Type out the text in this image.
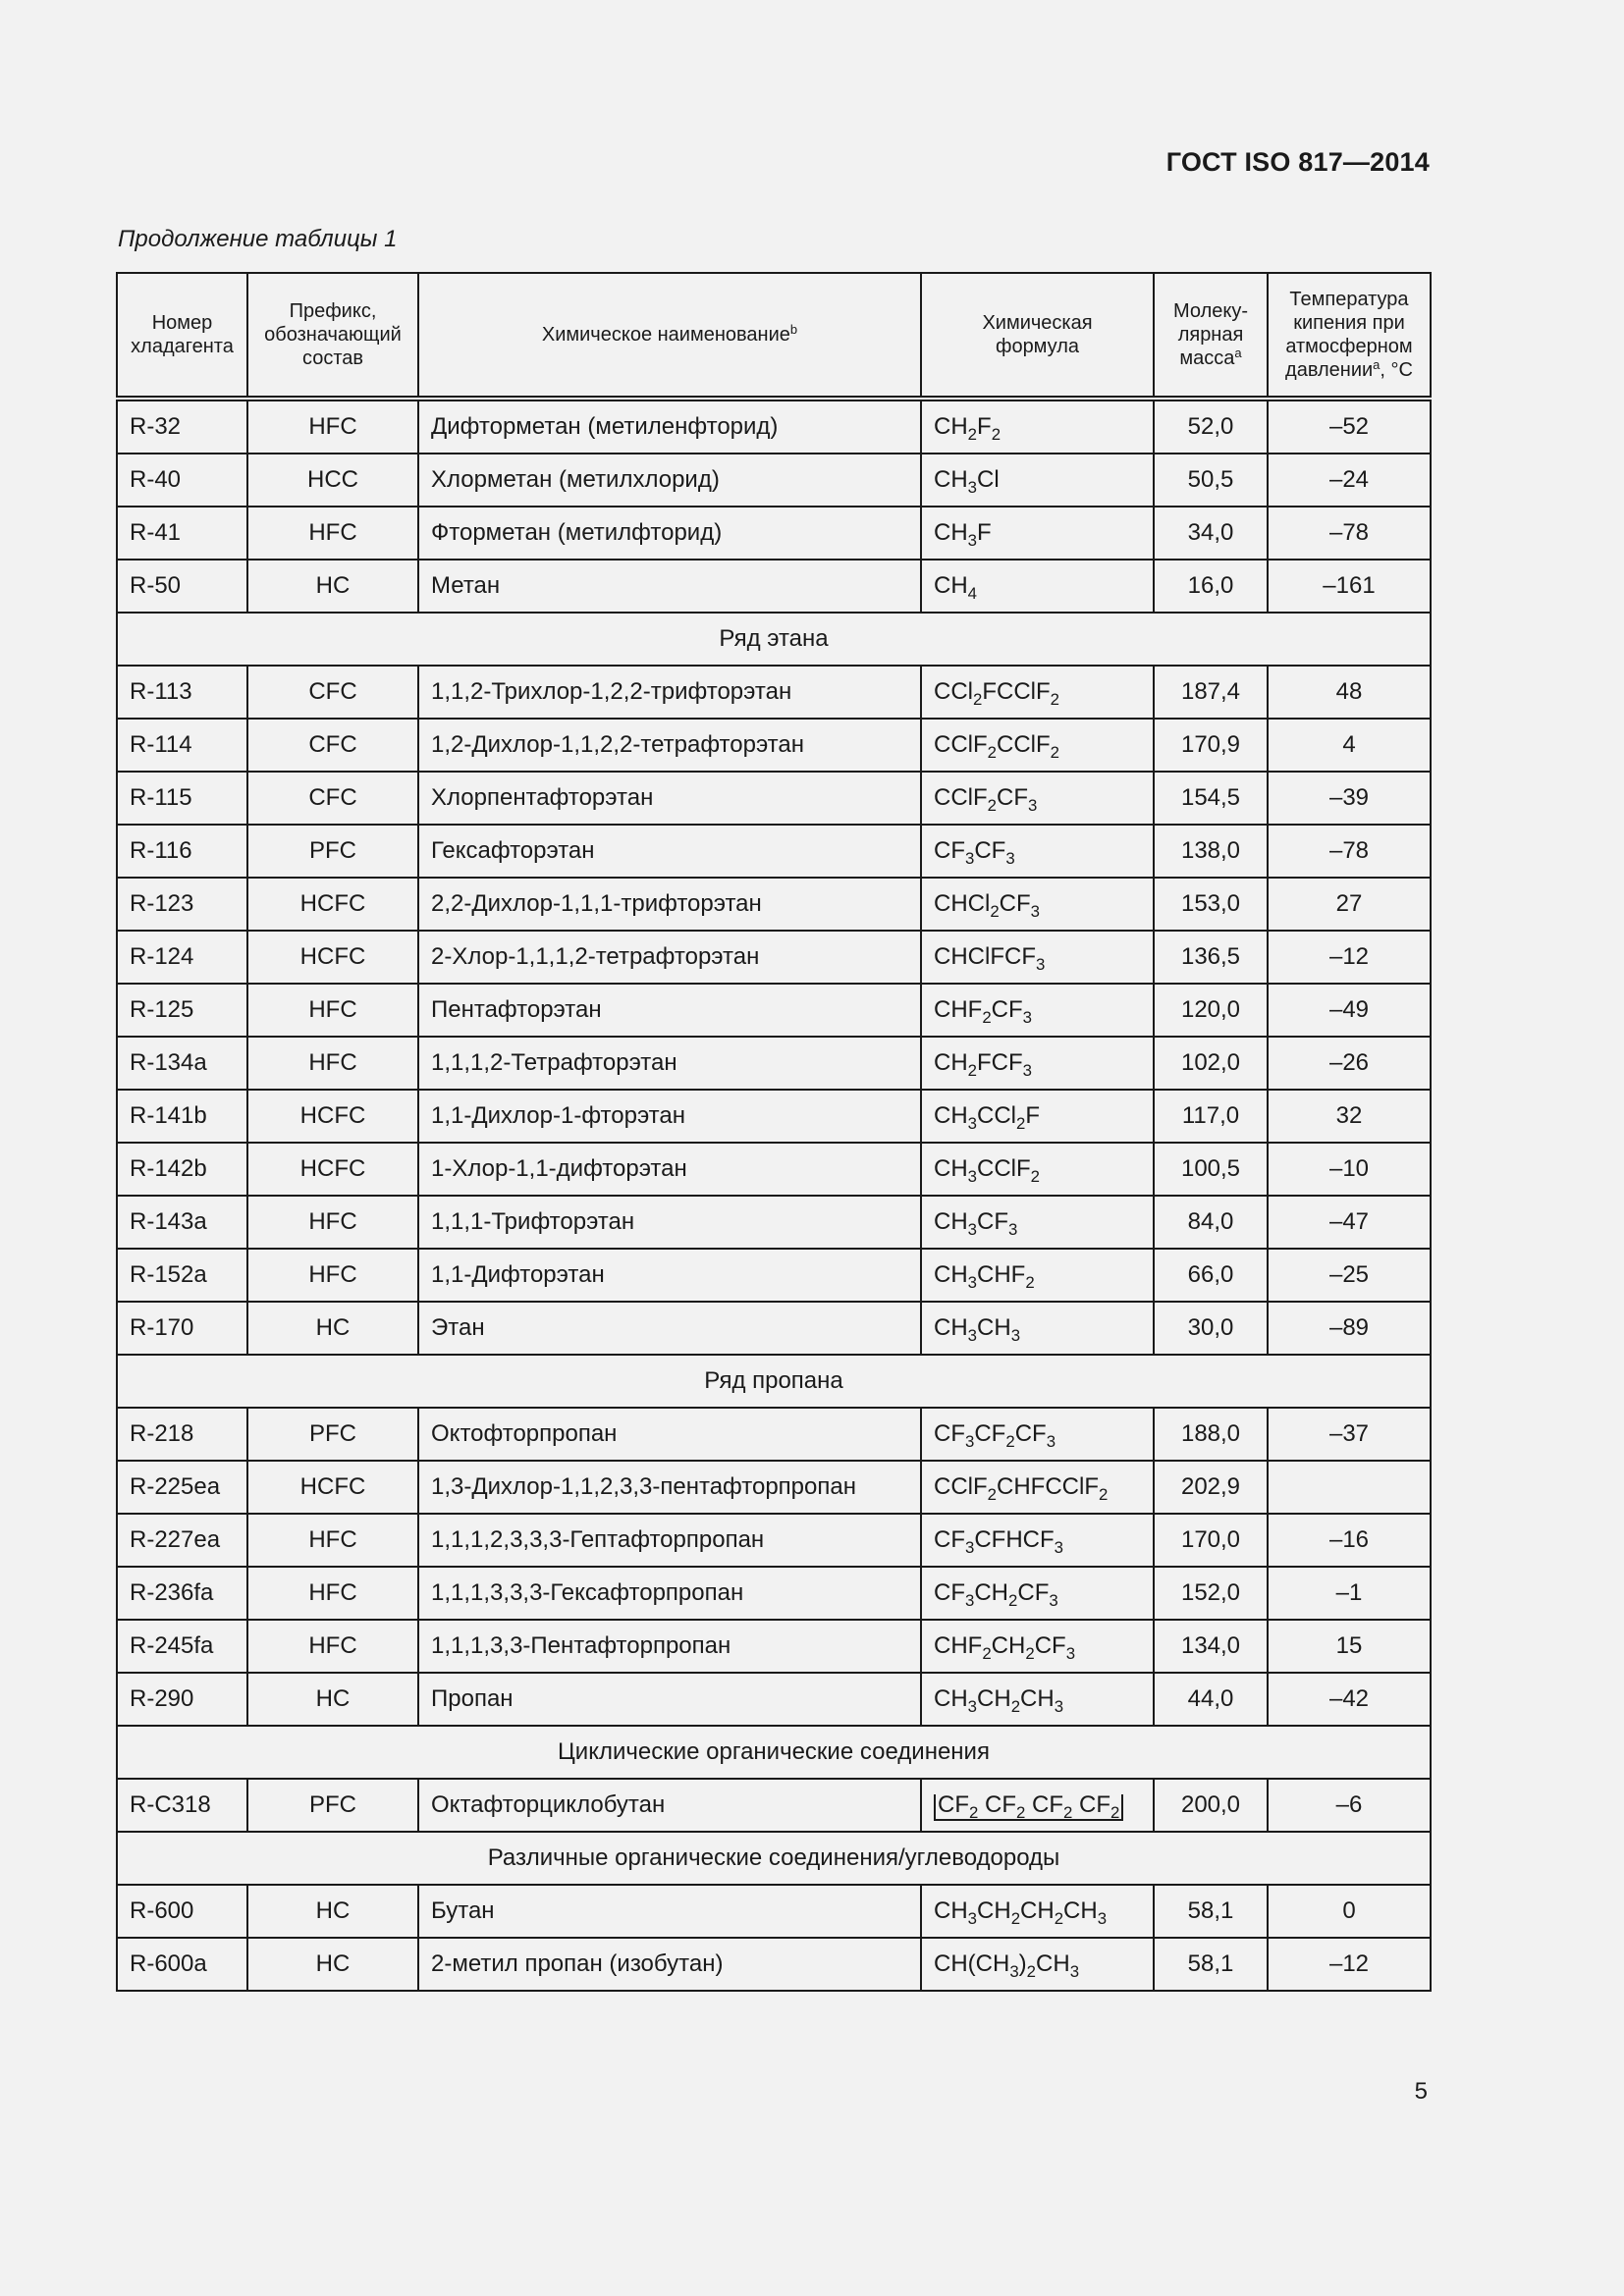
ГОСТ ISO 817—2014
Продолжение таблицы 1
Номер хладагента	Префикс, обозначающий состав	Химическое наименование$^b$	Химическая формула	Молеку- лярная масса$^a$	Температура кипения при атмосферном давлении$^a$, °C
R-32	HFC	Дифторметан (метиленфторид)	$CH_2F_2$	52,0	–52
R-40	HCC	Хлорметан (метилхлорид)	$CH_3Cl$	50,5	–24
R-41	HFC	Фторметан (метилфторид)	$CH_3F$	34,0	–78
R-50	HC	Метан	$CH_4$	16,0	–161
Ряд этана					
R-113	CFC	1,1,2-Трихлор-1,2,2-трифторэтан	CCl$_2$FCClF$_2$	187,4	48
R-114	CFC	1,2-Дихлор-1,1,2,2-тетрафторэтан	CClF$_2$CClF$_2$	170,9	4
R-115	CFC	Хлорпентафторэтан	$CClF_2CF_3$	154,5	–39
R-116	PFC	Гексафторэтан	$CF_3CF_3$	138,0	–78
R-123	HCFC	2,2-Дихлор-1,1,1-трифторэтан	$CHCl_2CF_3$	153,0	27
R-124	HCFC	2-Хлор-1,1,1,2-тетрафторэтан	CHClFCF$_3$	136,5	–12
R-125	HFC	Пентафторэтан	$CHF_2CF_3$	120,0	–49
R-134a	HFC	1,1,1,2-Тетрафторэтан	$CH_2FCF_3$	102,0	–26
R-141b	HCFC	1,1-Дихлор-1-фторэтан	$CH_3CCl_2F$	117,0	32
R-142b	HCFC	1-Хлор-1,1-дифторэтан	$CH_3CClF_2$	100,5	–10
R-143a	HFC	1,1,1-Трифторэтан	$CH_3CF_3$	84,0	–47
R-152a	HFC	1,1-Дифторэтан	$CH_3CHF_2$	66,0	–25
R-170	HC	Этан	$CH_3CH_3$	30,0	–89
Ряд пропана					
R-218	PFC	Октофторпропан	$CF_3CF_2CF_3$	188,0	–37
R-225ea	HCFC	1,3-Дихлор-1,1,2,3,3-пентафторпропан	CClF$_2$CHFCClF$_2$	202,9	
R-227ea	HFC	1,1,1,2,3,3,3-Гептафторпропан	$CF_3CFHCF_3$	170,0	–16
R-236fa	HFC	1,1,1,3,3,3-Гексафторпропан	$CF_3CH_2CF_3$	152,0	–1
R-245fa	HFC	1,1,1,3,3-Пентафторпропан	$CHF_2CH_2CF_3$	134,0	15
R-290	HC	Пропан	$CH_3CH_2CH_3$	44,0	–42
Циклические органические соединения					
R-C318	PFC	Октафторциклобутан	$CF_2$ $CF_2$ $CF_2$ $CF_2$	200,0	–6
Различные органические соединения/углеводороды					
R-600	HC	Бутан	$CH_3CH_2CH_2CH_3$	58,1	0
R-600a	HC	2-метил пропан (изобутан)	$CH(CH_3)_2CH_3$	58,1	–12
5
